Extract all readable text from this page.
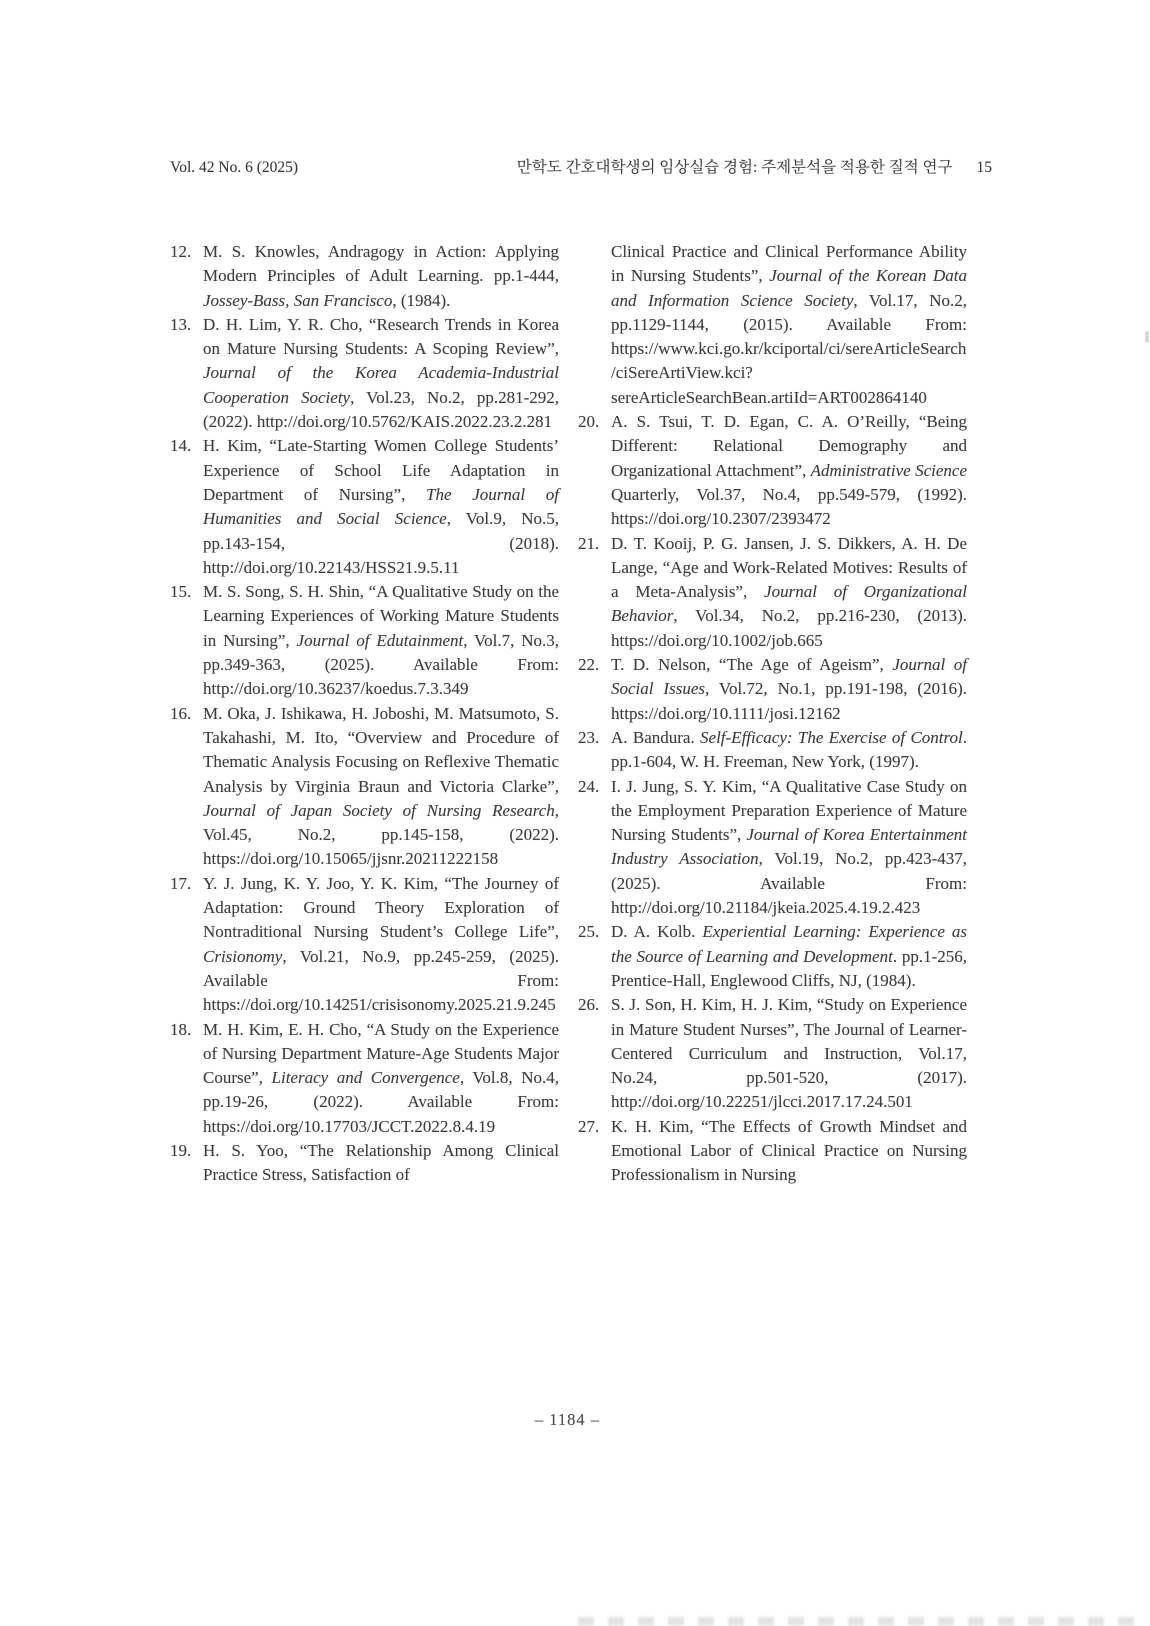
Vol. 42 No. 6 (2025)	만학도 간호대학생의 임상실습 경험: 주제분석을 적용한 질적 연구 15
12. M. S. Knowles, Andragogy in Action: Applying Modern Principles of Adult Learning. pp.1-444, Jossey-Bass, San Francisco, (1984).
13. D. H. Lim, Y. R. Cho, “Research Trends in Korea on Mature Nursing Students: A Scoping Review”, Journal of the Korea Academia-Industrial Cooperation Society, Vol.23, No.2, pp.281-292, (2022). http://doi.org/10.5762/KAIS.2022.23.2.281
14. H. Kim, “Late-Starting Women College Students’ Experience of School Life Adaptation in Department of Nursing”, The Journal of Humanities and Social Science, Vol.9, No.5, pp.143-154, (2018). http://doi.org/10.22143/HSS21.9.5.11
15. M. S. Song, S. H. Shin, “A Qualitative Study on the Learning Experiences of Working Mature Students in Nursing”, Journal of Edutainment, Vol.7, No.3, pp.349-363, (2025). Available From: http://doi.org/10.36237/koedus.7.3.349
16. M. Oka, J. Ishikawa, H. Joboshi, M. Matsumoto, S. Takahashi, M. Ito, “Overview and Procedure of Thematic Analysis Focusing on Reflexive Thematic Analysis by Virginia Braun and Victoria Clarke”, Journal of Japan Society of Nursing Research, Vol.45, No.2, pp.145-158, (2022). https://doi.org/10.15065/jjsnr.20211222158
17. Y. J. Jung, K. Y. Joo, Y. K. Kim, “The Journey of Adaptation: Ground Theory Exploration of Nontraditional Nursing Student’s College Life”, Crisionomy, Vol.21, No.9, pp.245-259, (2025). Available From: https://doi.org/10.14251/crisisonomy.2025.21.9.245
18. M. H. Kim, E. H. Cho, “A Study on the Experience of Nursing Department Mature-Age Students Major Course”, Literacy and Convergence, Vol.8, No.4, pp.19-26, (2022). Available From: https://doi.org/10.17703/JCCT.2022.8.4.19
19. H. S. Yoo, “The Relationship Among Clinical Practice Stress, Satisfaction of
Clinical Practice and Clinical Performance Ability in Nursing Students”, Journal of the Korean Data and Information Science Society, Vol.17, No.2, pp.1129-1144, (2015). Available From: https://www.kci.go.kr/kciportal/ci/sereArticleSearch/ciSereArtiView.kci?sereArticleSearchBean.artiId=ART002864140
20. A. S. Tsui, T. D. Egan, C. A. O’Reilly, “Being Different: Relational Demography and Organizational Attachment”, Administrative Science Quarterly, Vol.37, No.4, pp.549-579, (1992). https://doi.org/10.2307/2393472
21. D. T. Kooij, P. G. Jansen, J. S. Dikkers, A. H. De Lange, “Age and Work-Related Motives: Results of a Meta-Analysis”, Journal of Organizational Behavior, Vol.34, No.2, pp.216-230, (2013). https://doi.org/10.1002/job.665
22. T. D. Nelson, “The Age of Ageism”, Journal of Social Issues, Vol.72, No.1, pp.191-198, (2016). https://doi.org/10.1111/josi.12162
23. A. Bandura. Self-Efficacy: The Exercise of Control. pp.1-604, W. H. Freeman, New York, (1997).
24. I. J. Jung, S. Y. Kim, “A Qualitative Case Study on the Employment Preparation Experience of Mature Nursing Students”, Journal of Korea Entertainment Industry Association, Vol.19, No.2, pp.423-437, (2025). Available From: http://doi.org/10.21184/jkeia.2025.4.19.2.423
25. D. A. Kolb. Experiential Learning: Experience as the Source of Learning and Development. pp.1-256, Prentice-Hall, Englewood Cliffs, NJ, (1984).
26. S. J. Son, H. Kim, H. J. Kim, “Study on Experience in Mature Student Nurses”, The Journal of Learner-Centered Curriculum and Instruction, Vol.17, No.24, pp.501-520, (2017). http://doi.org/10.22251/jlcci.2017.17.24.501
27. K. H. Kim, “The Effects of Growth Mindset and Emotional Labor of Clinical Practice on Nursing Professionalism in Nursing
– 1184 –
